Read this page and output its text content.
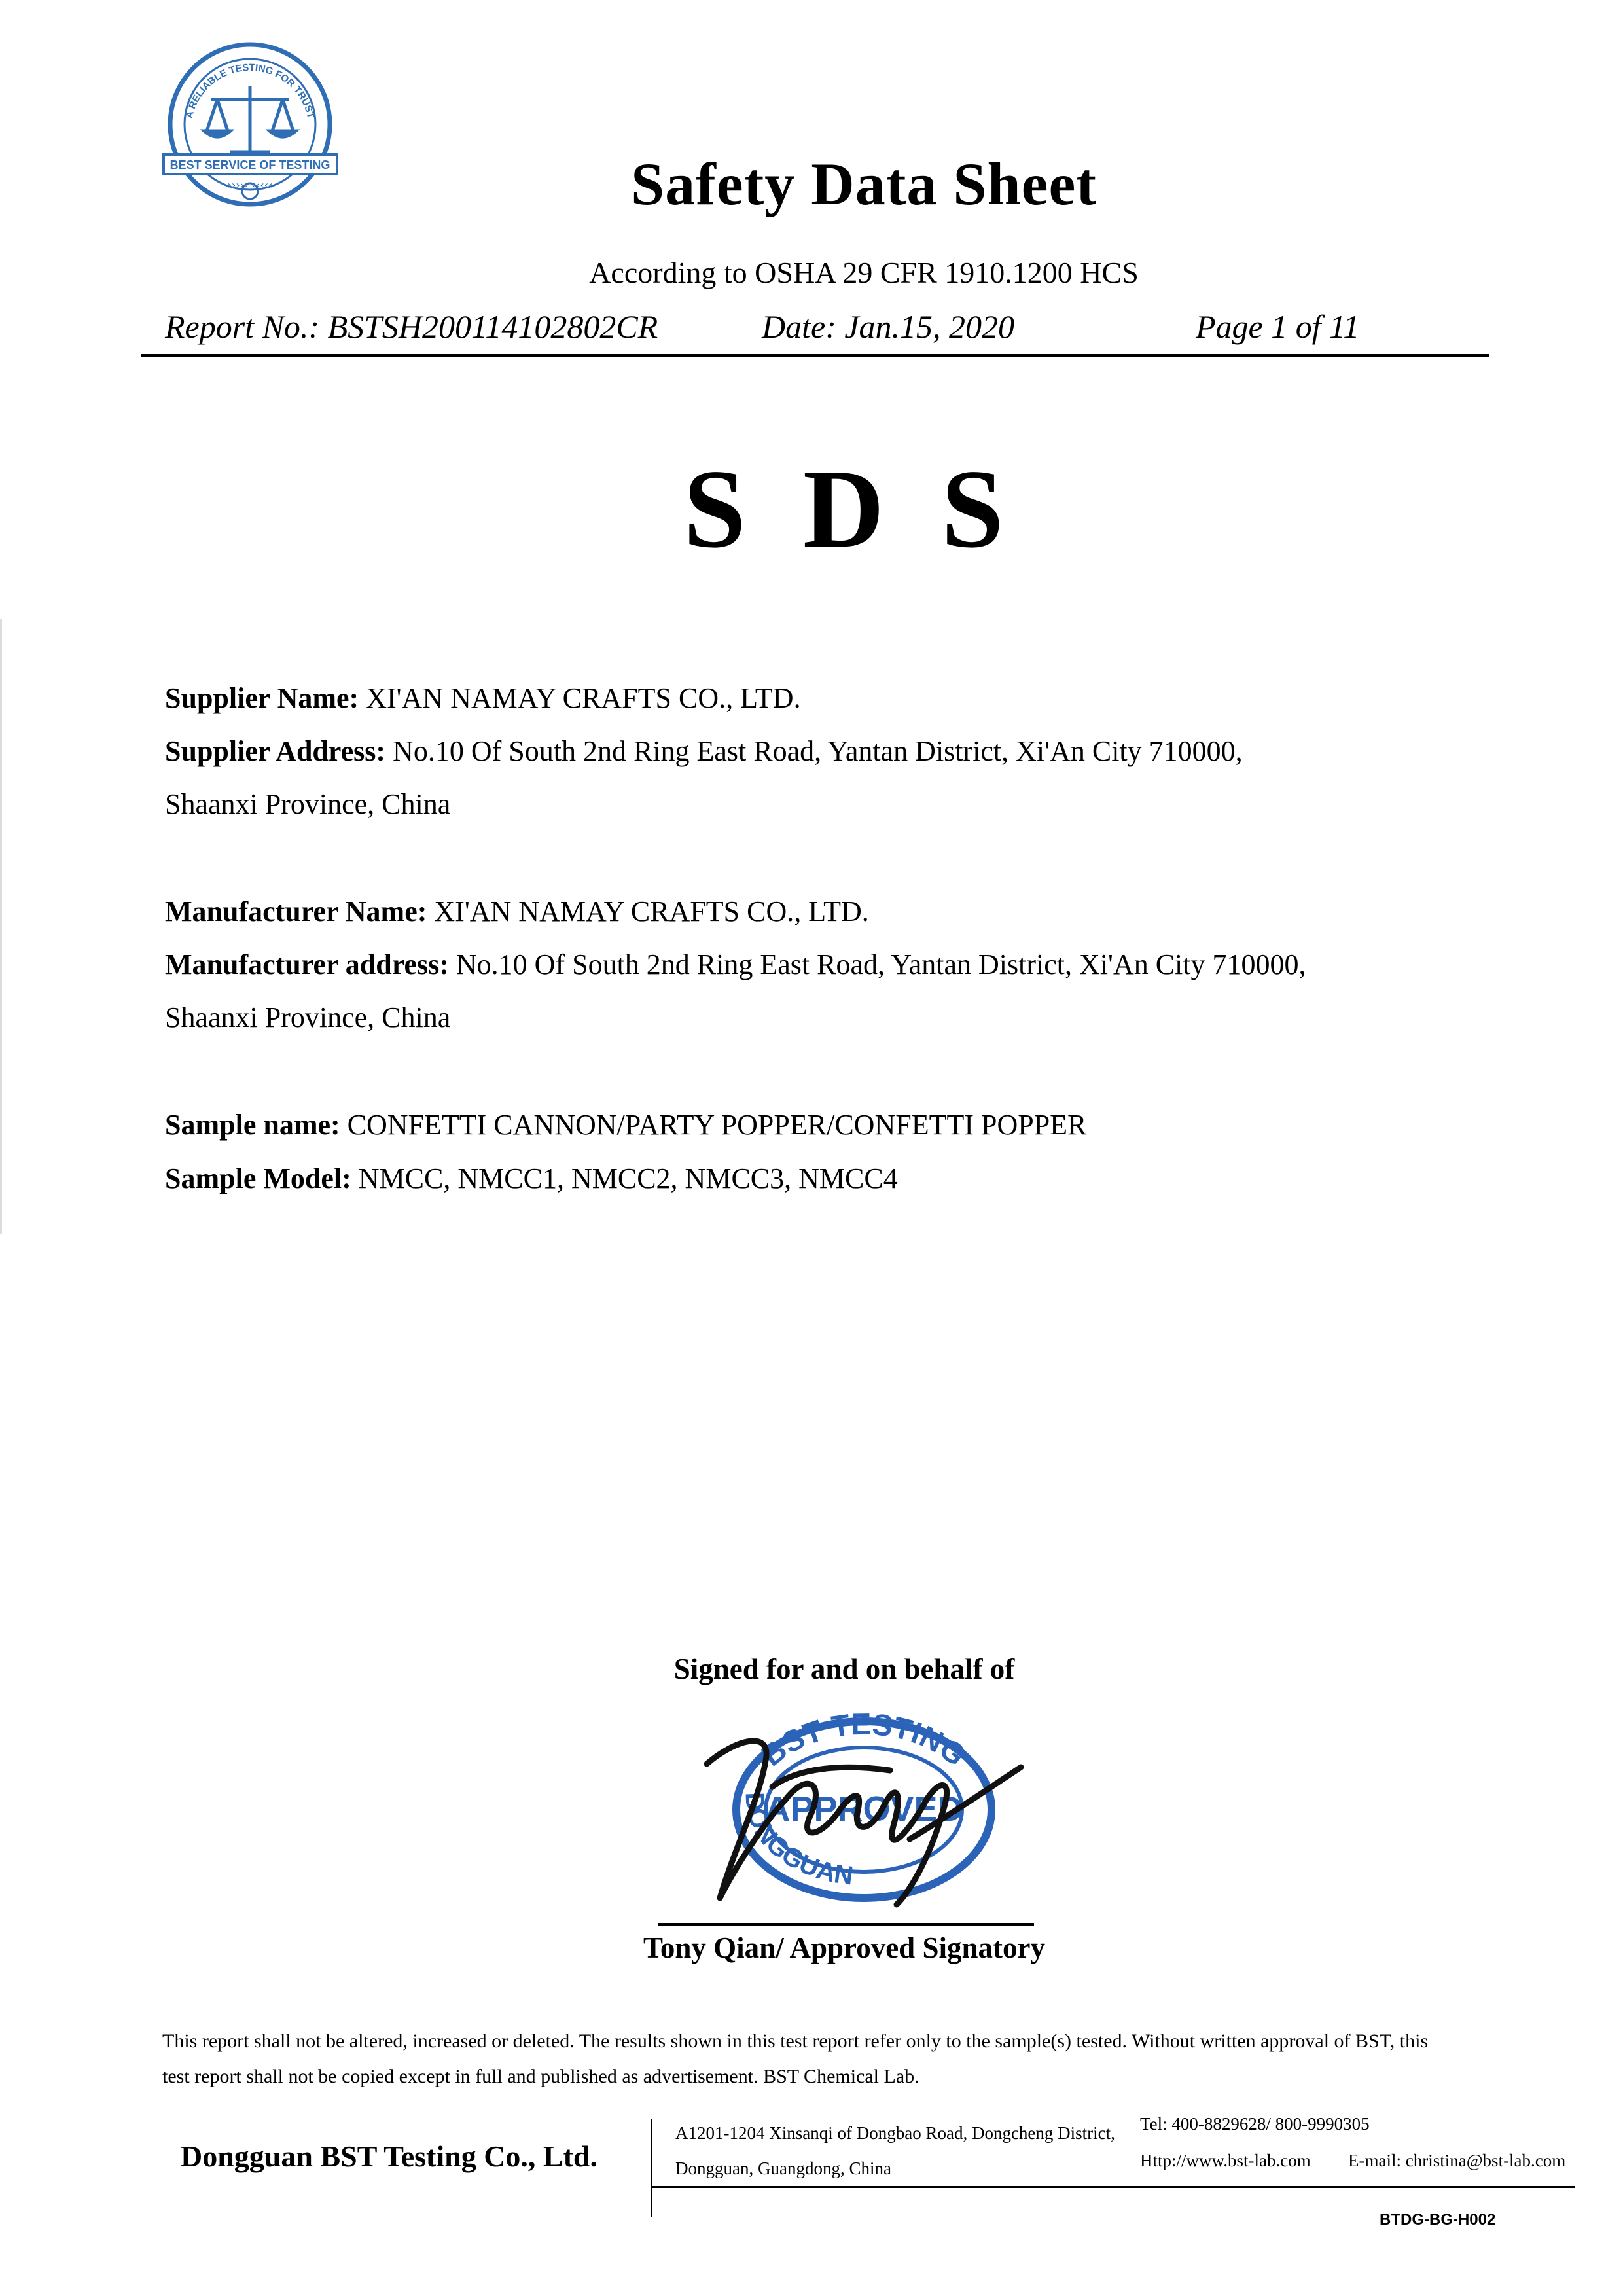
A RELIABLE TESTING FOR TRUST
BEST SERVICE OF TESTING
››››› ‹‹‹‹‹	Safety Data Sheet
According to OSHA 29 CFR 1910.1200 HCS
Report No.: BSTSH200114102802CR	Date: Jan.15, 2020	Page 1 of 11
S D S
Supplier Name: XI'AN NAMAY CRAFTS CO., LTD.
Supplier Address: No.10 Of South 2nd Ring East Road, Yantan District, Xi'An City 710000,
Shaanxi Province, China
Manufacturer Name: XI'AN NAMAY CRAFTS CO., LTD.
Manufacturer address: No.10 Of South 2nd Ring East Road, Yantan District, Xi'An City 710000,
Shaanxi Province, China
Sample name: CONFETTI CANNON/PARTY POPPER/CONFETTI POPPER
Sample Model: NMCC, NMCC1, NMCC2, NMCC3, NMCC4
Signed for and on behalf of
BST TESTING
DONGGUAN
APPROVED
Tony Qian/ Approved Signatory
This report shall not be altered, increased or deleted. The results shown in this test report refer only to the sample(s) tested. Without written approval of BST, this
test report shall not be copied except in full and published as advertisement. BST Chemical Lab.
Dongguan BST Testing Co., Ltd.
A1201-1204 Xinsanqi of Dongbao Road, Dongcheng District,
Dongguan, Guangdong, China
Tel: 400-8829628/ 800-9990305
Http://www.bst-lab.com E-mail: christina@bst-lab.com
BTDG-BG-H002
